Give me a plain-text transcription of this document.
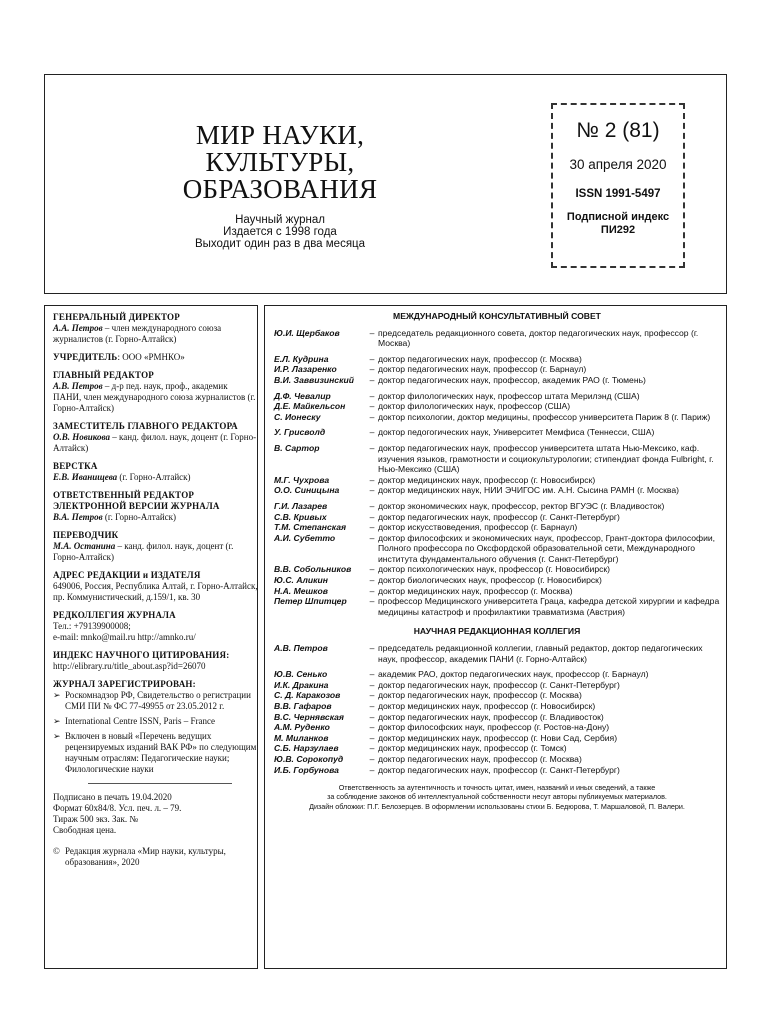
МИР НАУКИ,
КУЛЬТУРЫ,
ОБРАЗОВАНИЯ
Научный журнал
Издается с 1998 года
Выходит один раз в два месяца
№ 2 (81)
30 апреля 2020
ISSN 1991-5497
Подписной индекс
ПИ292
ГЕНЕРАЛЬНЫЙ ДИРЕКТОР
А.А. Петров – член международного союза журналистов (г. Горно-Алтайск)
УЧРЕДИТЕЛЬ: ООО «РМНКО»
ГЛАВНЫЙ РЕДАКТОР
А.В. Петров – д-р пед. наук, проф., академик ПАНИ, член международного союза журналистов (г. Горно-Алтайск)
ЗАМЕСТИТЕЛЬ ГЛАВНОГО РЕДАКТОРА
О.В. Новикова – канд. филол. наук, доцент (г. Горно-Алтайск)
ВЕРСТКА
Е.В. Иванищева (г. Горно-Алтайск)
ОТВЕТСТВЕННЫЙ РЕДАКТОР ЭЛЕКТРОННОЙ ВЕРСИИ ЖУРНАЛА
В.А. Петров (г. Горно-Алтайск)
ПЕРЕВОДЧИК
М.А. Останина – канд. филол. наук, доцент (г. Горно-Алтайск)
АДРЕС РЕДАКЦИИ и ИЗДАТЕЛЯ
649006, Россия, Республика Алтай, г. Горно-Алтайск, пр. Коммунистический, д.159/1, кв. 30
РЕДКОЛЛЕГИЯ ЖУРНАЛА
Тел.: +79139900008;
e-mail: mnko@mail.ru http://amnko.ru/
ИНДЕКС НАУЧНОГО ЦИТИРОВАНИЯ:
http://elibrary.ru/title_about.asp?id=26070
ЖУРНАЛ ЗАРЕГИСТРИРОВАН:
➢ Роскомнадзор РФ, Свидетельство о регистрации СМИ ПИ № ФС 77-49955 от 23.05.2012 г.
➢ International Centre ISSN, Paris – France
➢ Включен в новый «Перечень ведущих рецензируемых изданий ВАК РФ» по следующим научным отраслям: Педагогические науки; Филологические науки
Подписано в печать 19.04.2020
Формат 60х84/8. Усл. печ. л. – 79.
Тираж 500 экз. Зак. №
Свободная цена.
© Редакция журнала «Мир науки, культуры, образования», 2020
МЕЖДУНАРОДНЫЙ КОНСУЛЬТАТИВНЫЙ СОВЕТ
Ю.И. Щербаков	– председатель редакционного совета, доктор педагогических наук, профессор (г. Москва)
Е.Л. Кудрина	– доктор педагогических наук, профессор (г. Москва)
И.Р. Лазаренко	– доктор педагогических наук, профессор (г. Барнаул)
В.И. Заввизинский	– доктор педагогических наук, профессор, академик РАО (г. Тюмень)
Д.Ф. Чевалир	– доктор филологических наук, профессор штата Мерилэнд (США)
Д.Е. Майкельсон	– доктор филологических наук, профессор (США)
С. Ионеску	– доктор психологии, доктор медицины, профессор университета Париж 8 (г. Париж)
У. Грисволд	– доктор педогогических наук, Университет Мемфиса (Теннесси, США)
В. Сартор	– доктор педагогических наук, профессор университета штата Нью-Мексико, каф. изучения языков, грамотности и социокультурологии; стипендиат фонда Fulbright, г. Нью-Мексико (США)
М.Г. Чухрова	– доктор медицинских наук, профессор (г. Новосибирск)
О.О. Синицына	– доктор медицинских наук, НИИ ЭЧИГОС им. А.Н. Сысина РАМН (г. Москва)
Г.И. Лазарев	– доктор экономических наук, профессор, ректор ВГУЭС (г. Владивосток)
С.В. Кривых	– доктор педагогических наук, профессор (г. Санкт-Петербург)
Т.М. Степанская	– доктор искусствоведения, профессор (г. Барнаул)
А.И. Субетто	– доктор философских и экономических наук, профессор, Грант-доктора философии, Полного профессора по Оксфордской образовательной сети, Международного института фундаментального обучения (г. Санкт-Петербург)
В.В. Собольников	– доктор психологических наук, профессор (г. Новосибирск)
Ю.С. Аликин	– доктор биологических наук, профессор (г. Новосибирск)
Н.А. Мешков	– доктор медицинских наук, профессор (г. Москва)
Петер Шпитцер	– профессор Медицинского университета Граца, кафедра детской хирургии и кафедра медицины катастроф и профилактики травматизма (Австрия)
НАУЧНАЯ РЕДАКЦИОННАЯ КОЛЛЕГИЯ
А.В. Петров	– председатель редакционной коллегии, главный редактор, доктор педагогических наук, профессор, академик ПАНИ (г. Горно-Алтайск)
Ю.В. Сенько	– академик РАО, доктор педагогических наук, профессор (г. Барнаул)
И.К. Дракина	– доктор педагогических наук, профессор (г. Санкт-Петербург)
С. Д. Каракозов	– доктор педагогических наук, профессор (г. Москва)
В.В. Гафаров	– доктор медицинских наук, профессор (г. Новосибирск)
В.С. Чернявская	– доктор педагогических наук, профессор (г. Владивосток)
А.М. Руденко	– доктор философских наук, профессор (г. Ростов-на-Дону)
М. Миланков	– доктор медицинских наук, профессор (г. Нови Сад, Сербия)
С.Б. Нарзулаев	– доктор медицинских наук, профессор (г. Томск)
Ю.В. Сорокопуд	– доктор педагогических наук, профессор (г. Москва)
И.Б. Горбунова	– доктор педагогических наук, профессор (г. Санкт-Петербург)
Ответственность за аутентичность и точность цитат, имен, названий и иных сведений, а также
за соблюдение законов об интеллектуальной собственности несут авторы публикуемых материалов.
Дизайн обложки: П.Г. Белозерцев. В оформлении использованы стихи Б. Бедюрова, Т. Маршаловой, П. Валери.
